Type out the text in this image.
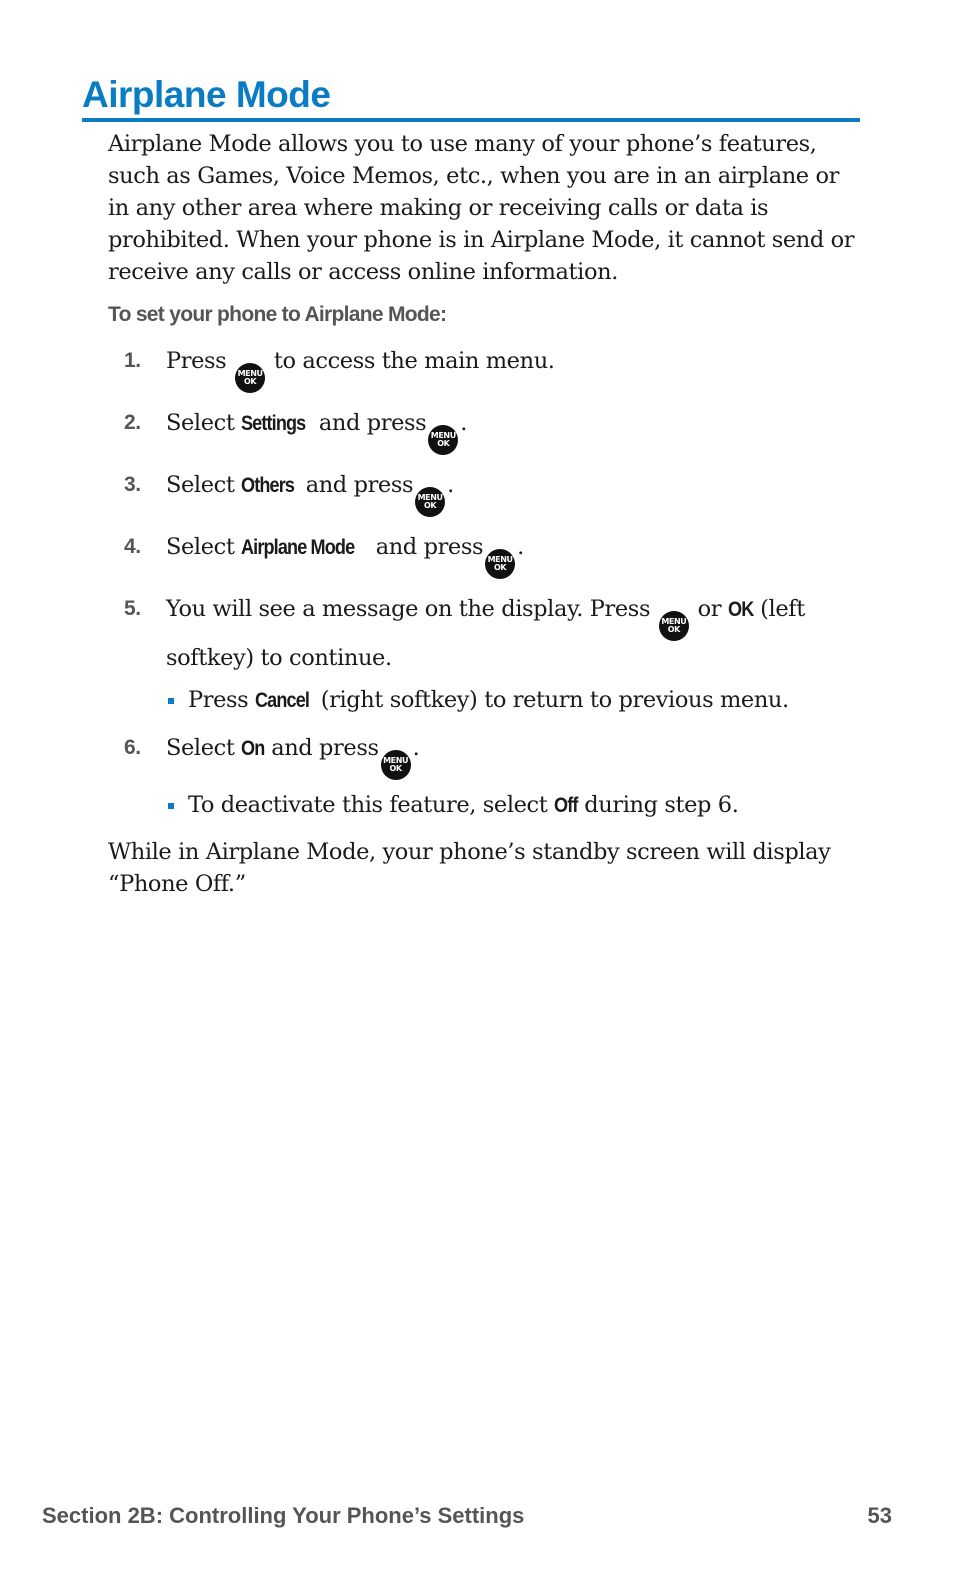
Airplane Mode

Airplane Mode allows you to use many of your phone’s features, such as Games, Voice Memos, etc., when you are in an airplane or in any other area where making or receiving calls or data is prohibited. When your phone is in Airplane Mode, it cannot send or receive any calls or access online information.

To set your phone to Airplane Mode:

1. Press MENU
OK
to access the main menu.
2. Select Settings and press MENU
OK
.
3. Select Others and press MENU
OK
.
4. Select Airplane Mode and press MENU
OK
.
5. You will see a message on the display. Press MENU
OK
or OK (left softkey) to continue.
Press Cancel (right softkey) to return to previous menu.
6. Select On and press MENU
OK
.
To deactivate this feature, select Off during step 6.

While in Airplane Mode, your phone’s standby screen will display “Phone Off.”

Section 2B: Controlling Your Phone’s Settings	53
